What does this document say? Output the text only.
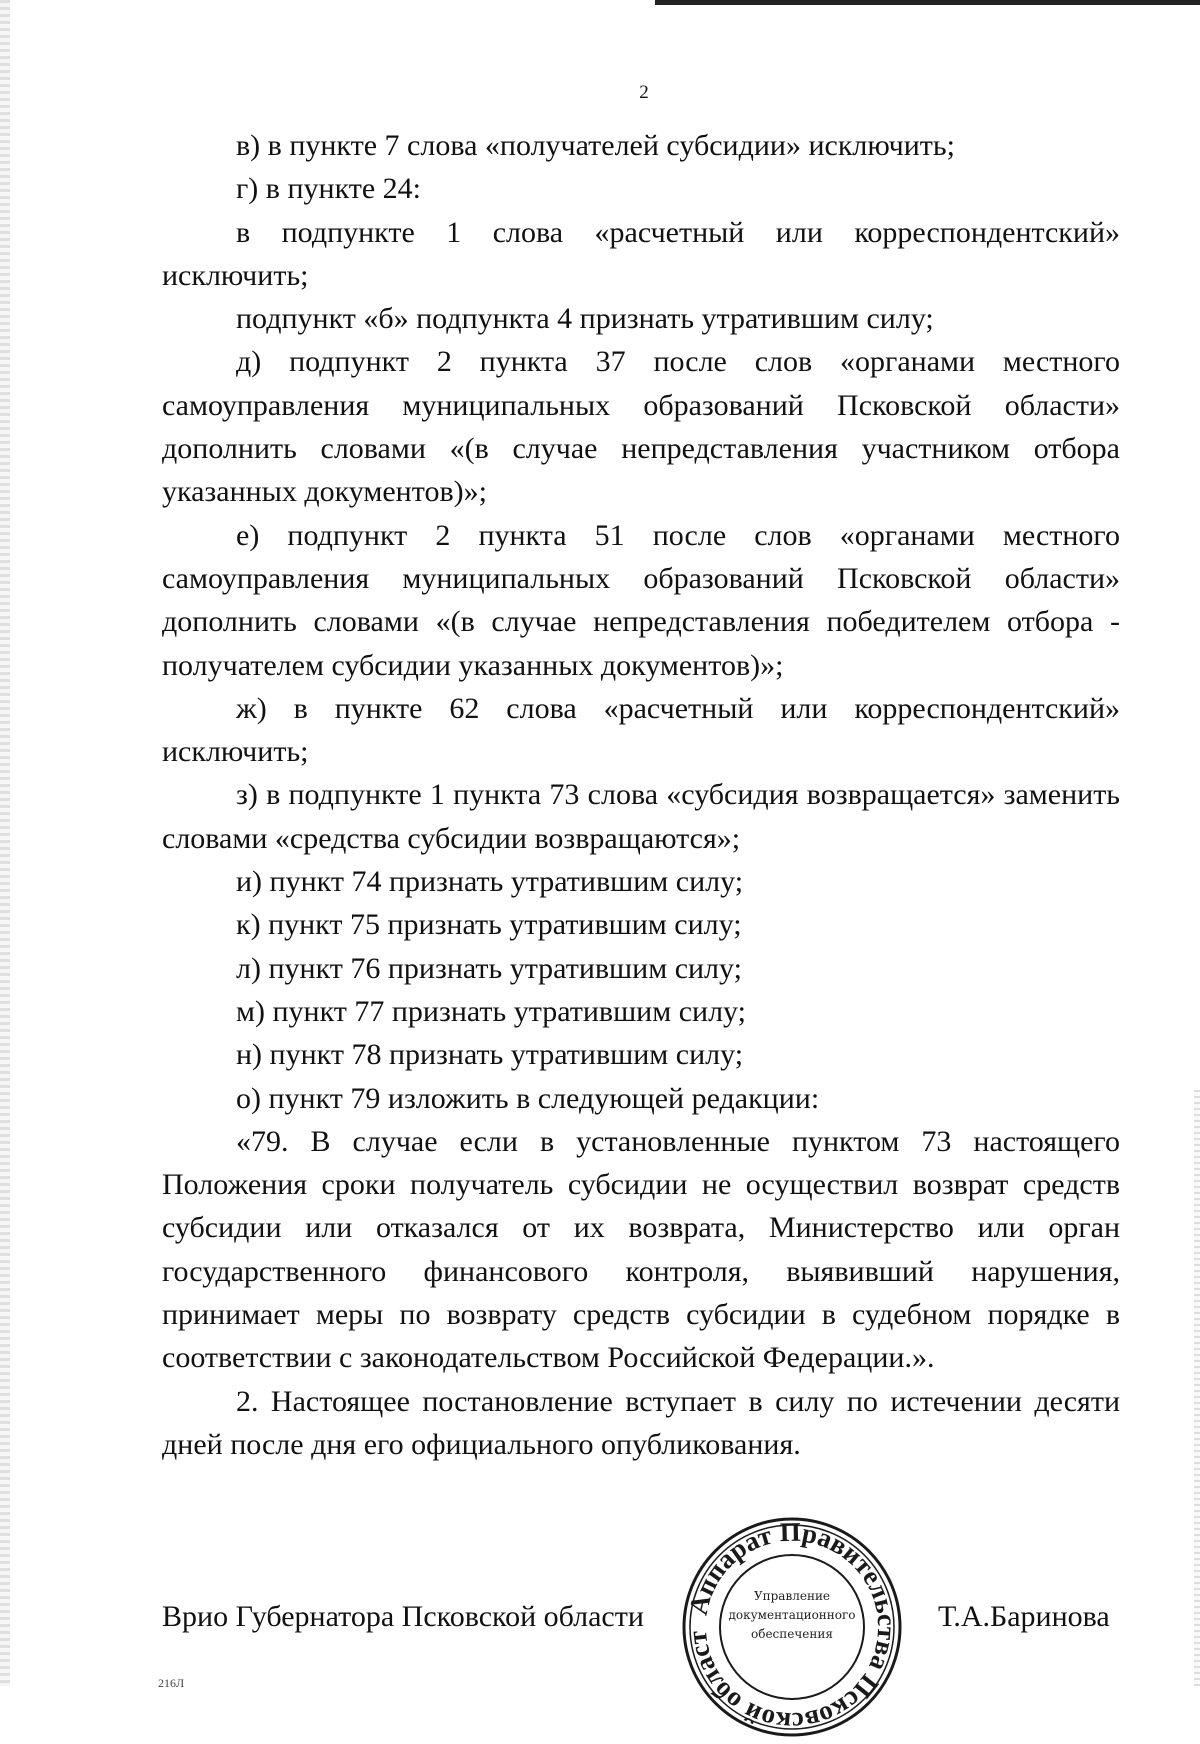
2

в) в пункте 7 слова «получателей субсидии» исключить;

г) в пункте 24:

в подпункте 1 слова «расчетный или корреспондентский» исключить;

подпункт «б» подпункта 4 признать утратившим силу;

д) подпункт 2 пункта 37 после слов «органами местного самоуправления муниципальных образований Псковской области» дополнить словами «(в случае непредставления участником отбора указанных документов)»;

е) подпункт 2 пункта 51 после слов «органами местного самоуправления муниципальных образований Псковской области» дополнить словами «(в случае непредставления победителем отбора - получателем субсидии указанных документов)»;

ж) в пункте 62 слова «расчетный или корреспондентский» исключить;

з) в подпункте 1 пункта 73 слова «субсидия возвращается» заменить словами «средства субсидии возвращаются»;

и) пункт 74 признать утратившим силу;

к) пункт 75 признать утратившим силу;

л) пункт 76 признать утратившим силу;

м) пункт 77 признать утратившим силу;

н) пункт 78 признать утратившим силу;

о) пункт 79 изложить в следующей редакции:

«79. В случае если в установленные пунктом 73 настоящего Положения сроки получатель субсидии не осуществил возврат средств субсидии или отказался от их возврата, Министерство или орган государственного финансового контроля, выявивший нарушения, принимает меры по возврату средств субсидии в судебном порядке в соответствии с законодательством Российской Федерации.».

2. Настоящее постановление вступает в силу по истечении десяти дней после дня его официального опубликования.

Врио Губернатора Псковской области	Т.А.Баринова
Аппарат Правительства Псковской област
Управление
документационного
обеспечения
216Л
